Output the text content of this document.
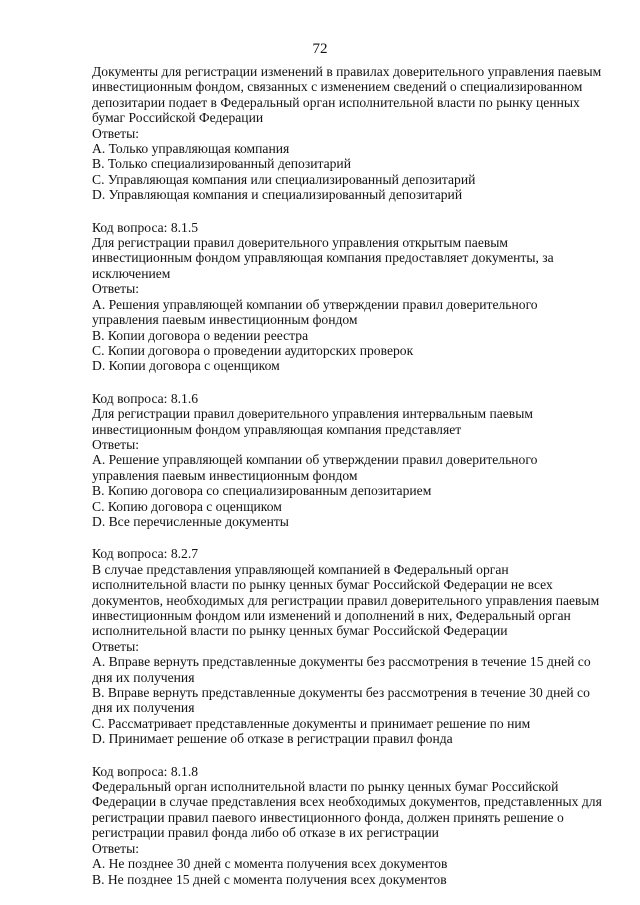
72

Документы для регистрации изменений в правилах доверительного управления паевым инвестиционным фондом, связанных с изменением сведений о специализированном депозитарии подает в Федеральный орган исполнительной власти по рынку ценных бумаг Российской Федерации

Ответы:

A. Только управляющая компания

B. Только специализированный депозитарий

C. Управляющая компания или специализированный депозитарий

D. Управляющая компания и специализированный депозитарий

Код вопроса: 8.1.5

Для регистрации правил доверительного управления открытым паевым инвестиционным фондом управляющая компания предоставляет документы, за исключением

Ответы:

A. Решения управляющей компании об утверждении правил доверительного управления паевым инвестиционным фондом

B. Копии договора о ведении реестра

C. Копии договора о проведении аудиторских проверок

D. Копии договора с оценщиком

Код вопроса: 8.1.6

Для регистрации правил доверительного управления интервальным паевым инвестиционным фондом управляющая компания представляет

Ответы:

A. Решение управляющей компании об утверждении правил доверительного управления паевым инвестиционным фондом

B. Копию договора со специализированным депозитарием

C. Копию договора с оценщиком

D. Все перечисленные документы

Код вопроса: 8.2.7

В случае представления управляющей компанией в Федеральный орган исполнительной власти по рынку ценных бумаг Российской Федерации не всех документов, необходимых для регистрации правил доверительного управления паевым инвестиционным фондом или изменений и дополнений в них, Федеральный орган исполнительной власти по рынку ценных бумаг Российской Федерации

Ответы:

A. Вправе вернуть представленные документы без рассмотрения в течение 15 дней со дня их получения

B. Вправе вернуть представленные документы без рассмотрения в течение 30 дней со дня их получения

C. Рассматривает представленные документы и принимает решение по ним

D. Принимает решение об отказе в регистрации правил фонда

Код вопроса: 8.1.8

Федеральный орган исполнительной власти по рынку ценных бумаг Российской Федерации в случае представления всех необходимых документов, представленных для регистрации правил паевого инвестиционного фонда, должен принять решение о регистрации правил фонда либо об отказе в их регистрации

Ответы:

A. Не позднее 30 дней с момента получения всех документов

B. Не позднее 15 дней с момента получения всех документов
